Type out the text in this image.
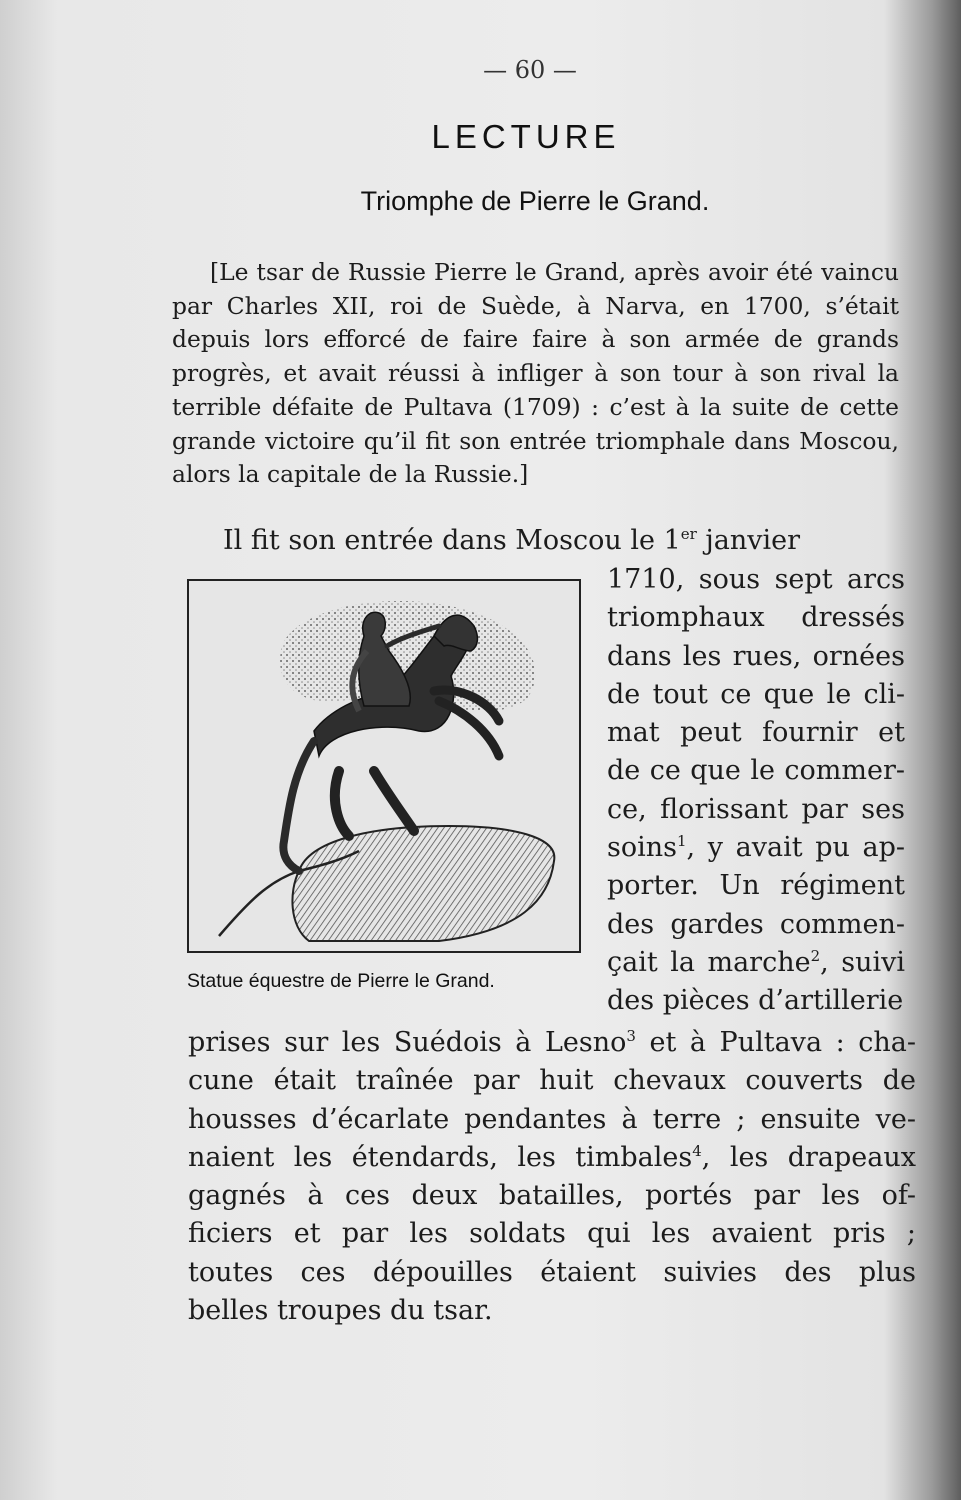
— 60 —
LECTURE
Triomphe de Pierre le Grand.

[Le tsar de Russie Pierre le Grand, après avoir été vaincu par Charles XII, roi de Suède, à Narva, en 1700, s’était depuis lors efforcé de faire faire à son armée de grands progrès, et avait réussi à infliger à son tour à son rival la terrible défaite de Pultava (1709) : c’est à la suite de cette grande victoire qu’il fit son entrée triomphale dans Moscou, alors la capitale de la Russie.]

Il fit son entrée dans Moscou le 1er janvier

Statue équestre de Pierre le Grand.

1710, sous sept arcs
triomphaux dressés
dans les rues, ornées
de tout ce que le cli-
mat peut fournir et
de ce que le commer-
ce, florissant par ses
soins$^1$, y avait pu ap-
porter. Un régiment
des gardes commen-
çait la marche$^2$, suivi
des pièces d’artillerie

prises sur les Suédois à Lesno$^3$ et à Pultava : cha-
cune était traînée par huit chevaux couverts de
housses d’écarlate pendantes à terre ; ensuite ve-
naient les étendards, les timbales$^4$, les drapeaux
gagnés à ces deux batailles, portés par les of-
ficiers et par les soldats qui les avaient pris ;
toutes ces dépouilles étaient suivies des plus
belles troupes du tsar.
